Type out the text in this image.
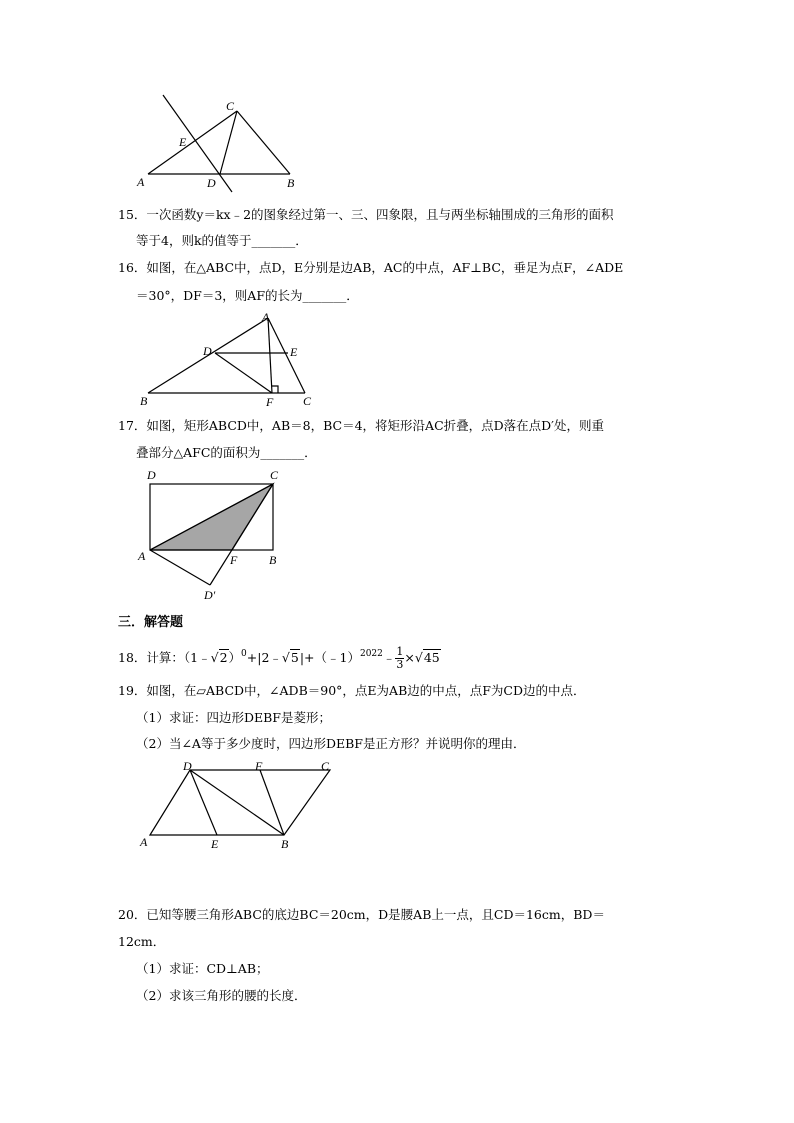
C
E
A	D	B
15．一次函数y＝kx﹣2的图象经过第一、三、四象限，且与两坐标轴围成的三角形的面积
等于4，则k的值等于_______．
16．如图，在△ABC中，点D，E分别是边AB，AC的中点，AF⊥BC，垂足为点F，∠ADE
＝30°，DF＝3，则AF的长为_______．
A
D	E
B	F C
17．如图，矩形ABCD中，AB＝8，BC＝4，将矩形沿AC折叠，点D落在点D′处，则重
叠部分△AFC的面积为_______．
D	C
A	F	B
D′
三．解答题
18．计算：（1﹣√2）$^0$+|2﹣√5|+（﹣1）$^{2022}$﹣ $\frac{1}{3} \times√45$
19．如图，在▱ABCD中，∠ADB＝90°，点E为AB边的中点，点F为CD边的中点．
（1）求证：四边形DEBF是菱形；
（2）当∠A等于多少度时，四边形DEBF是正方形？并说明你的理由．
D	F	C
A	E	B
20．已知等腰三角形ABC的底边BC＝20cm，D是腰AB上一点，且CD＝16cm，BD＝
12cm．
（1）求证：CD⊥AB；
（2）求该三角形的腰的长度．
